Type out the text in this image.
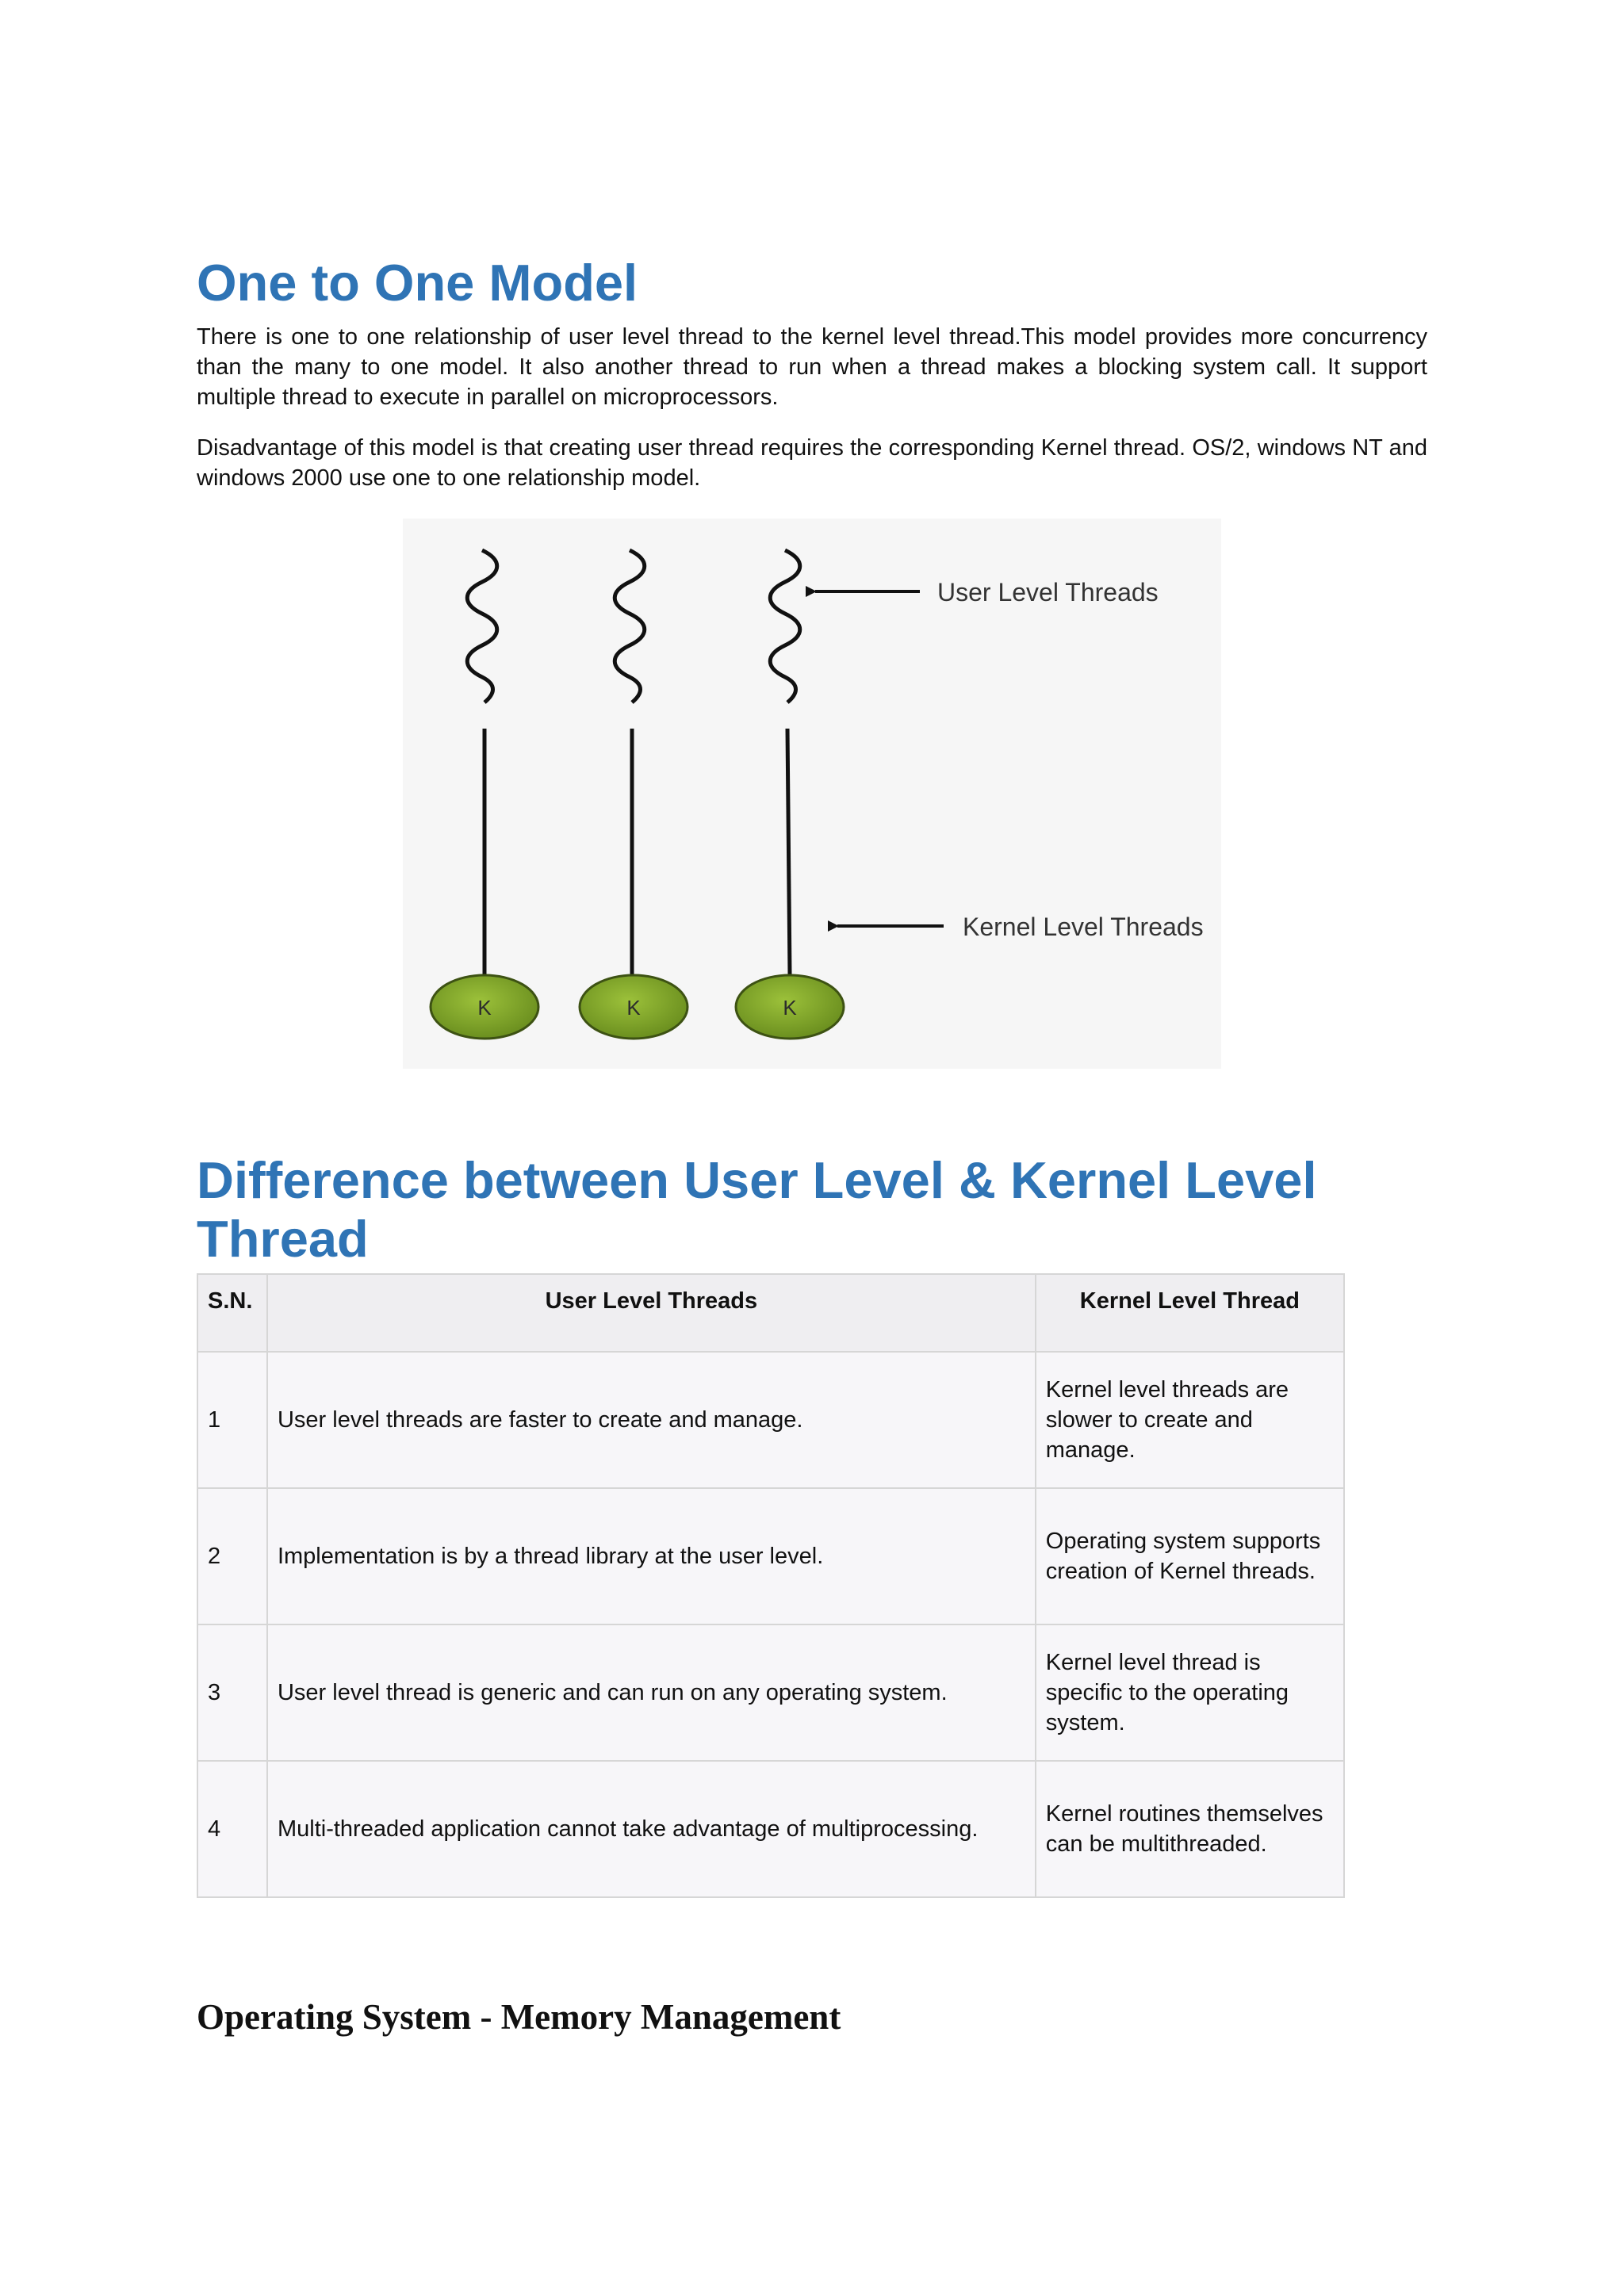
One to One Model

There is one to one relationship of user level thread to the kernel level thread.This model provides more concurrency than the many to one model. It also another thread to run when a thread makes a blocking system call. It support multiple thread to execute in parallel on microprocessors.

Disadvantage of this model is that creating user thread requires the corresponding Kernel thread. OS/2, windows NT and windows 2000 use one to one relationship model.

K	K	K
User Level Threads
Kernel Level Threads
Difference between User Level & Kernel Level Thread
S.N.	User Level Threads	Kernel Level Thread
1	User level threads are faster to create and manage.	Kernel level threads are slower to create and manage.
2	Implementation is by a thread library at the user level.	Operating system supports creation of Kernel threads.
3	User level thread is generic and can run on any operating system.	Kernel level thread is specific to the operating system.
4	Multi-threaded application cannot take advantage of multiprocessing.	Kernel routines themselves can be multithreaded.
Operating System - Memory Management
